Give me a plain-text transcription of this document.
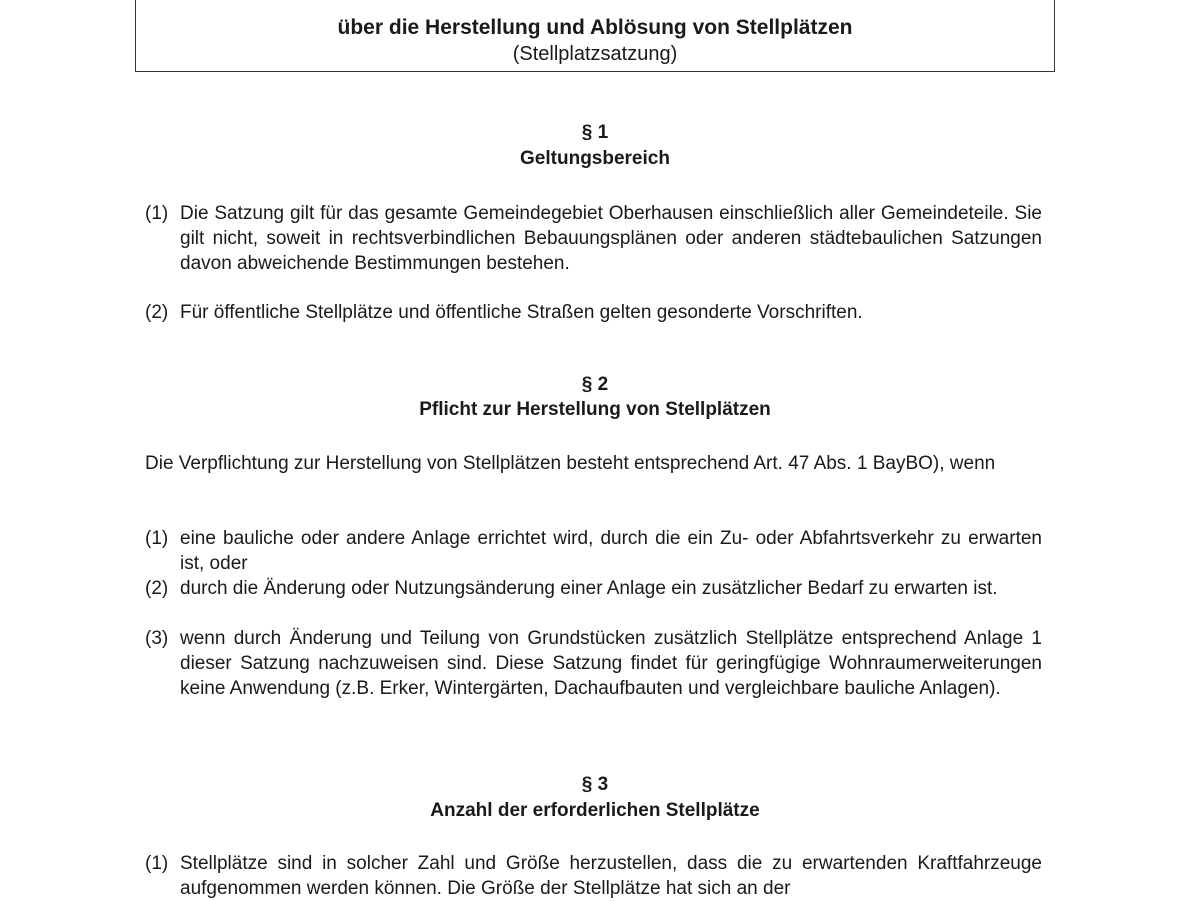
über die Herstellung und Ablösung von Stellplätzen
(Stellplatzsatzung)
§ 1
Geltungsbereich
(1) Die Satzung gilt für das gesamte Gemeindegebiet Oberhausen einschließlich aller Gemeindeteile. Sie gilt nicht, soweit in rechtsverbindlichen Bebauungsplänen oder anderen städtebaulichen Satzungen davon abweichende Bestimmungen bestehen.
(2) Für öffentliche Stellplätze und öffentliche Straßen gelten gesonderte Vorschriften.
§ 2
Pflicht zur Herstellung von Stellplätzen
Die Verpflichtung zur Herstellung von Stellplätzen besteht entsprechend Art. 47 Abs. 1 BayBO), wenn
(1) eine bauliche oder andere Anlage errichtet wird, durch die ein Zu- oder Abfahrtsverkehr zu erwarten ist, oder
(2) durch die Änderung oder Nutzungsänderung einer Anlage ein zusätzlicher Bedarf zu erwarten ist.
(3) wenn durch Änderung und Teilung von Grundstücken zusätzlich Stellplätze entsprechend Anlage 1 dieser Satzung nachzuweisen sind. Diese Satzung findet für geringfügige Wohnraumerweiterungen keine Anwendung (z.B. Erker, Wintergärten, Dachaufbauten und vergleichbare bauliche Anlagen).
§ 3
Anzahl der erforderlichen Stellplätze
(1) Stellplätze sind in solcher Zahl und Größe herzustellen, dass die zu erwartenden Kraftfahrzeuge aufgenommen werden können. Die Größe der Stellplätze hat sich an der
